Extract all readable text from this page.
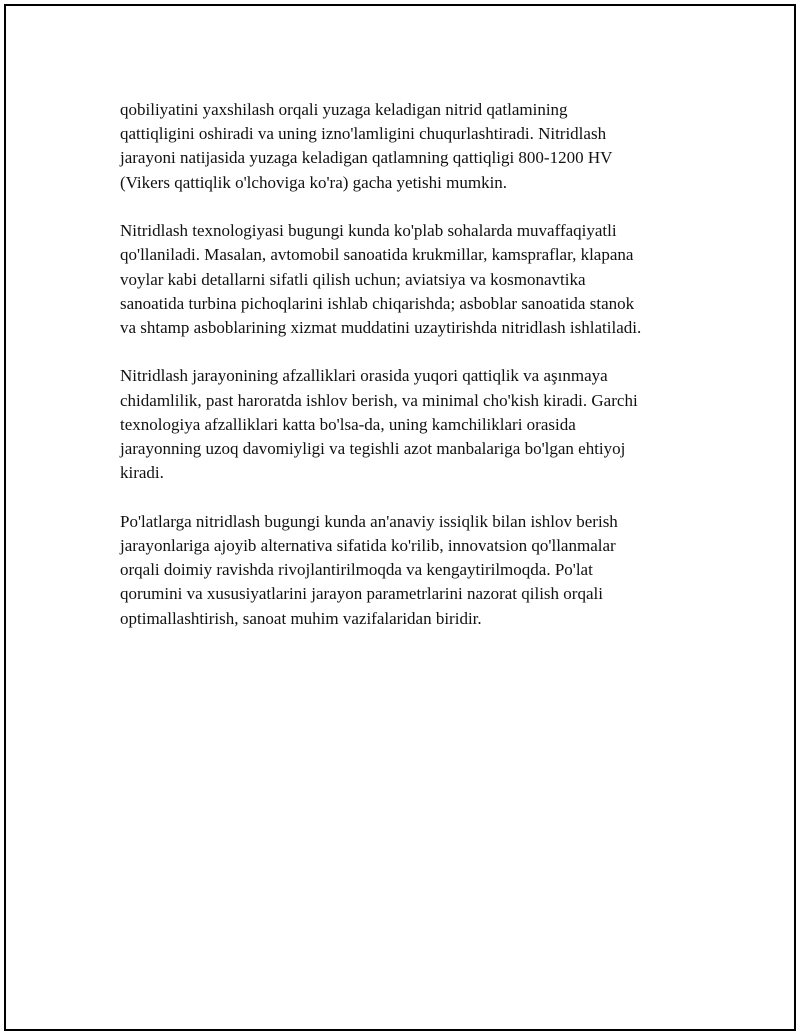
qobiliyatini yaxshilash orqali yuzaga keladigan nitrid qatlamining
qattiqligini oshiradi va uning izno'lamligini chuqurlashtiradi. Nitridlash
jarayoni natijasida yuzaga keladigan qatlamning qattiqligi 800-1200 HV
(Vikers qattiqlik o'lchoviga ko'ra) gacha yetishi mumkin.

Nitridlash texnologiyasi bugungi kunda ko'plab sohalarda muvaffaqiyatli
qo'llaniladi. Masalan, avtomobil sanoatida krukmillar, kamspraflar, klapana
voylar kabi detallarni sifatli qilish uchun; aviatsiya va kosmonavtika
sanoatida turbina pichoqlarini ishlab chiqarishda; asboblar sanoatida stanok
va shtamp asboblarining xizmat muddatini uzaytirishda nitridlash ishlatiladi.

Nitridlash jarayonining afzalliklari orasida yuqori qattiqlik va aşınmaya
chidamlilik, past haroratda ishlov berish, va minimal cho'kish kiradi. Garchi
texnologiya afzalliklari katta bo'lsa-da, uning kamchiliklari orasida
jarayonning uzoq davomiyligi va tegishli azot manbalariga bo'lgan ehtiyoj
kiradi.

Po'latlarga nitridlash bugungi kunda an'anaviy issiqlik bilan ishlov berish
jarayonlariga ajoyib alternativa sifatida ko'rilib, innovatsion qo'llanmalar
orqali doimiy ravishda rivojlantirilmoqda va kengaytirilmoqda. Po'lat
qorumini va xususiyatlarini jarayon parametrlarini nazorat qilish orqali
optimallashtirish, sanoat muhim vazifalaridan biridir.
